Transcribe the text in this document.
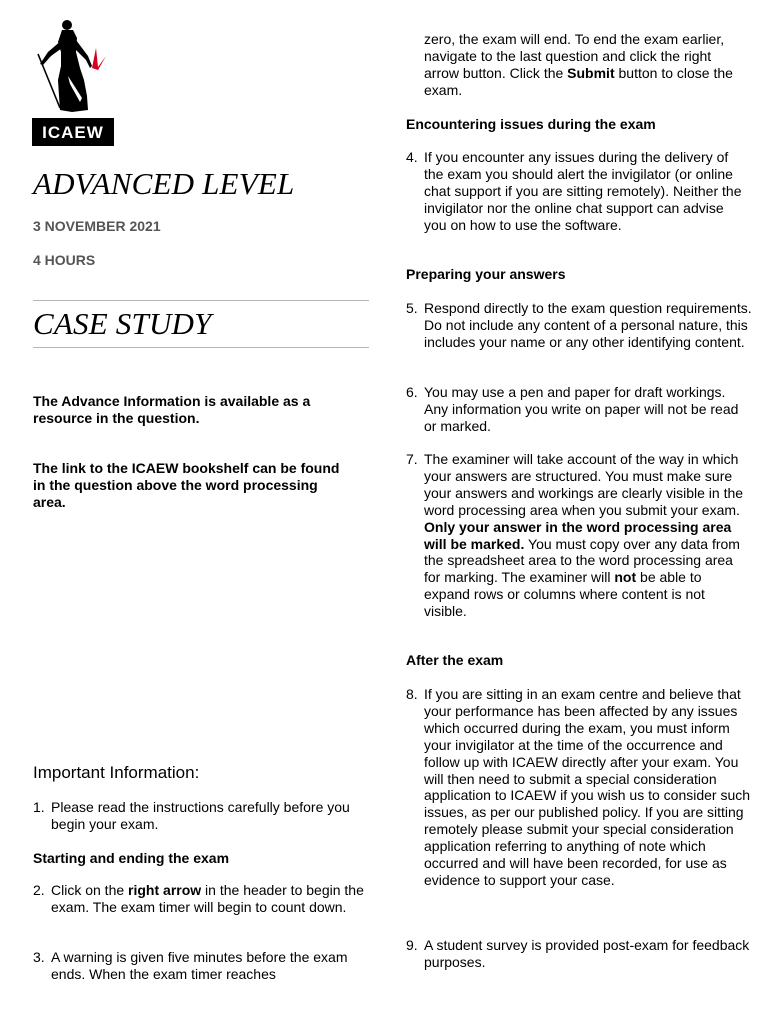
ICAEW
ADVANCED LEVEL
3 NOVEMBER 2021
4 HOURS
CASE STUDY
The Advance Information is available as a resource in the question.
The link to the ICAEW bookshelf can be found in the question above the word processing area.
Important Information:
1. Please read the instructions carefully before you begin your exam.
Starting and ending the exam
2. Click on the right arrow in the header to begin the exam. The exam timer will begin to count down.
3. A warning is given five minutes before the exam ends. When the exam timer reaches
zero, the exam will end. To end the exam earlier, navigate to the last question and click the right arrow button. Click the Submit button to close the exam.
Encountering issues during the exam
4. If you encounter any issues during the delivery of the exam you should alert the invigilator (or online chat support if you are sitting remotely). Neither the invigilator nor the online chat support can advise you on how to use the software.
Preparing your answers
5. Respond directly to the exam question requirements. Do not include any content of a personal nature, this includes your name or any other identifying content.
6. You may use a pen and paper for draft workings. Any information you write on paper will not be read or marked.
7. The examiner will take account of the way in which your answers are structured. You must make sure your answers and workings are clearly visible in the word processing area when you submit your exam. Only your answer in the word processing area will be marked. You must copy over any data from the spreadsheet area to the word processing area for marking. The examiner will not be able to expand rows or columns where content is not visible.
After the exam
8. If you are sitting in an exam centre and believe that your performance has been affected by any issues which occurred during the exam, you must inform your invigilator at the time of the occurrence and follow up with ICAEW directly after your exam. You will then need to submit a special consideration application to ICAEW if you wish us to consider such issues, as per our published policy. If you are sitting remotely please submit your special consideration application referring to anything of note which occurred and will have been recorded, for use as evidence to support your case.
9. A student survey is provided post-exam for feedback purposes.
